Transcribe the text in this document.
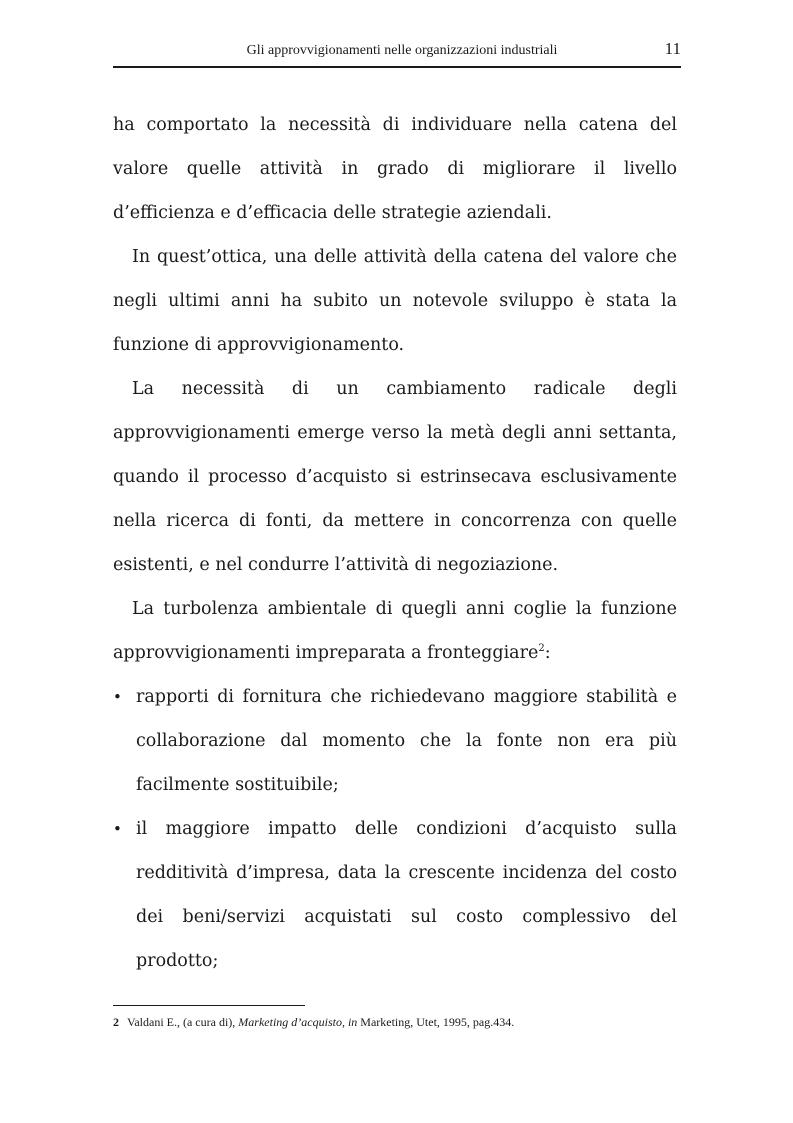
Gli approvvigionamenti nelle organizzazioni industriali	11

ha comportato la necessità di individuare nella catena del valore quelle attività in grado di migliorare il livello d’efficienza e d’efficacia delle strategie aziendali.

In quest’ottica, una delle attività della catena del valore che negli ultimi anni ha subito un notevole sviluppo è stata la funzione di approvvigionamento.

La necessità di un cambiamento radicale degli approvvigionamenti emerge verso la metà degli anni settanta, quando il processo d’acquisto si estrinsecava esclusivamente nella ricerca di fonti, da mettere in concorrenza con quelle esistenti, e nel condurre l’attività di negoziazione.

La turbolenza ambientale di quegli anni coglie la funzione approvvigionamenti impreparata a fronteggiare$^2$:

• rapporti di fornitura che richiedevano maggiore stabilità e collaborazione dal momento che la fonte non era più facilmente sostituibile;
• il maggiore impatto delle condizioni d’acquisto sulla redditività d’impresa, data la crescente incidenza del costo dei beni/servizi acquistati sul costo complessivo del prodotto;
2 Valdani E., (a cura di), Marketing d’acquisto, in Marketing, Utet, 1995, pag.434.
